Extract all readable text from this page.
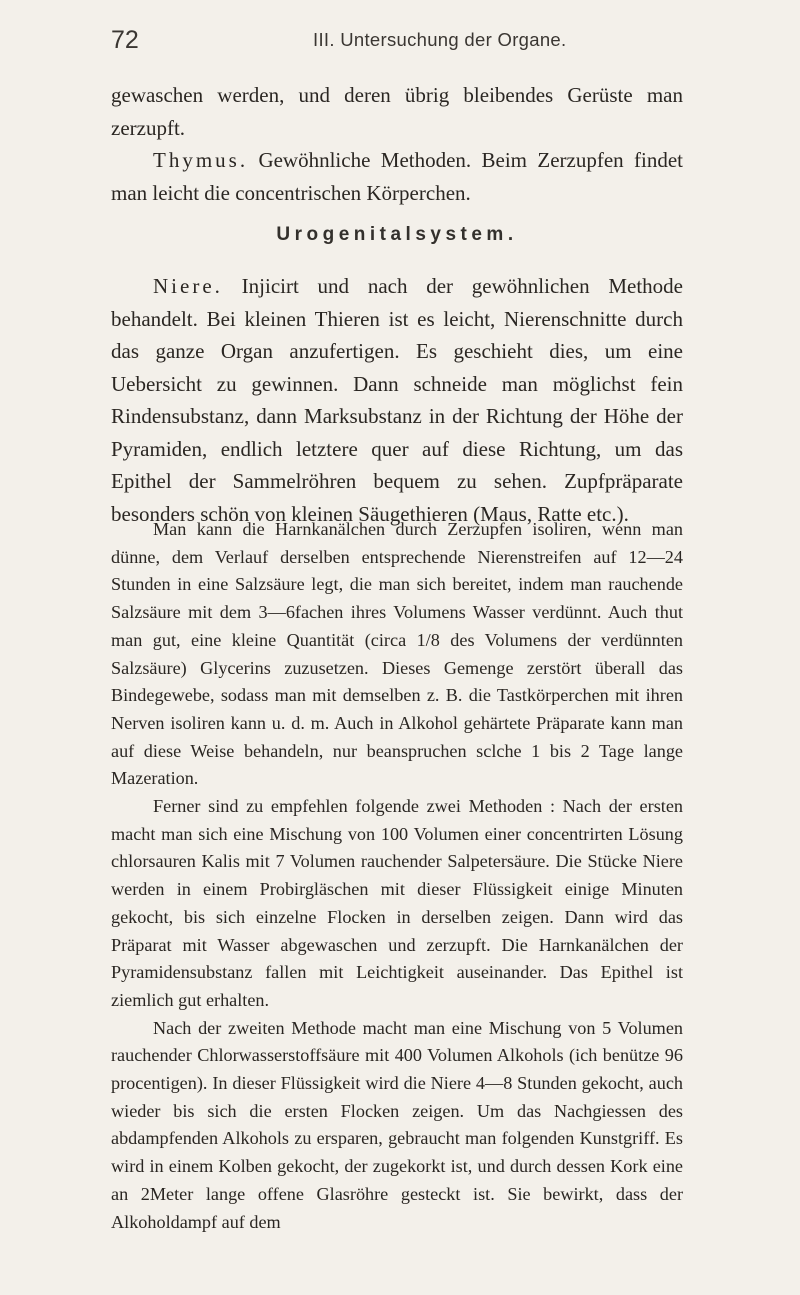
72	III. Untersuchung der Organe.

gewaschen werden, und deren übrig bleibendes Gerüste man zerzupft.

Thymus. Gewöhnliche Methoden. Beim Zerzupfen findet man leicht die concentrischen Körperchen.

Urogenitalsystem.

Niere. Injicirt und nach der gewöhnlichen Methode behandelt. Bei kleinen Thieren ist es leicht, Nierenschnitte durch das ganze Organ anzufertigen. Es geschieht dies, um eine Uebersicht zu gewinnen. Dann schneide man möglichst fein Rindensubstanz, dann Marksubstanz in der Richtung der Höhe der Pyramiden, endlich letztere quer auf diese Richtung, um das Epithel der Sammelröhren bequem zu sehen. Zupfpräparate besonders schön von kleinen Säugethieren (Maus, Ratte etc.).

Man kann die Harnkanälchen durch Zerzupfen isoliren, wenn man dünne, dem Verlauf derselben entsprechende Nierenstreifen auf 12—24 Stunden in eine Salzsäure legt, die man sich bereitet, indem man rauchende Salzsäure mit dem 3—6fachen ihres Volumens Wasser verdünnt. Auch thut man gut, eine kleine Quantität (circa 1/8 des Volumens der verdünnten Salzsäure) Glycerins zuzusetzen. Dieses Gemenge zerstört überall das Bindegewebe, sodass man mit demselben z. B. die Tastkörperchen mit ihren Nerven isoliren kann u. d. m. Auch in Alkohol gehärtete Präparate kann man auf diese Weise behandeln, nur beanspruchen sclche 1 bis 2 Tage lange Mazeration.

Ferner sind zu empfehlen folgende zwei Methoden : Nach der ersten macht man sich eine Mischung von 100 Volumen einer concentrirten Lösung chlorsauren Kalis mit 7 Volumen rauchender Salpetersäure. Die Stücke Niere werden in einem Probirgläschen mit dieser Flüssigkeit einige Minuten gekocht, bis sich einzelne Flocken in derselben zeigen. Dann wird das Präparat mit Wasser abgewaschen und zerzupft. Die Harnkanälchen der Pyramidensubstanz fallen mit Leichtigkeit auseinander. Das Epithel ist ziemlich gut erhalten.

Nach der zweiten Methode macht man eine Mischung von 5 Volumen rauchender Chlorwasserstoffsäure mit 400 Volumen Alkohols (ich benütze 96 procentigen). In dieser Flüssigkeit wird die Niere 4—8 Stunden gekocht, auch wieder bis sich die ersten Flocken zeigen. Um das Nachgiessen des abdampfenden Alkohols zu ersparen, gebraucht man folgenden Kunstgriff. Es wird in einem Kolben gekocht, der zugekorkt ist, und durch dessen Kork eine an 2Meter lange offene Glasröhre gesteckt ist. Sie bewirkt, dass der Alkoholdampf auf dem
